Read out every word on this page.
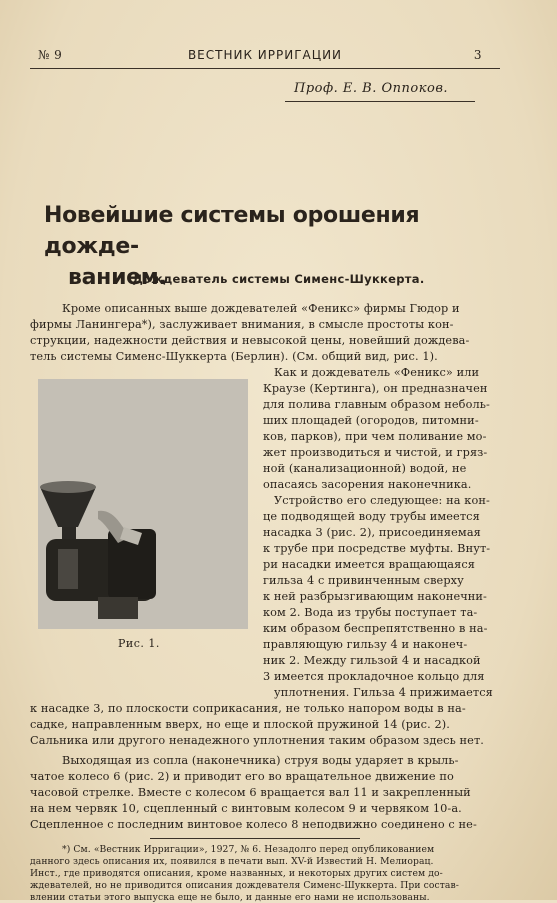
№ 9	ВЕСТНИК ИРРИГАЦИИ	3
Проф. Е. В. Оппоков.
Новейшие системы орошения дожде-
ванием.
Дождеватель системы Сименс-Шуккерта.
Рис. 1.
Кроме описанных выше дождевателей «Феникс» фирмы Гюдор и
фирмы Ланингера*), заслуживает внимания, в смысле простоты кон-
струкции, надежности действия и невысокой цены, новейший дождева-
тель системы Сименс-Шуккерта (Берлин). (См. общий вид, рис. 1).
Как и дождеватель «Феникс» или
Краузе (Кертинга), он предназначен
для полива главным образом неболь-
ших площадей (огородов, питомни-
ков, парков), при чем поливание мо-
жет производиться и чистой, и гряз-
ной (канализационной) водой, не
опасаясь засорения наконечника.
Устройство его следующее: на кон-
це подводящей воду трубы имеется
насадка 3 (рис. 2), присоединяемая
к трубе при посредстве муфты. Внут-
ри насадки имеется вращающаяся
гильза 4 с привинченным сверху
к ней разбрызгивающим наконечни-
ком 2. Вода из трубы поступает та-
ким образом беспрепятственно в на-
правляющую гильзу 4 и наконеч-
ник 2. Между гильзой 4 и насадкой
3 имеется прокладочное кольцо для
уплотнения. Гильза 4 прижимается
к насадке 3, по плоскости соприкасания, не только напором воды в на-
садке, направленным вверх, но еще и плоской пружиной 14 (рис. 2).
Сальника или другого ненадежного уплотнения таким образом здесь нет.
Выходящая из сопла (наконечника) струя воды ударяет в крыль-
чатое колесо 6 (рис. 2) и приводит его во вращательное движение по
часовой стрелке. Вместе с колесом 6 вращается вал 11 и закрепленный
на нем червяк 10, сцепленный с винтовым колесом 9 и червяком 10-а.
Сцепленное с последним винтовое колесо 8 неподвижно соединено с не-
*) См. «Вестник Ирригации», 1927, № 6. Незадолго перед опубликованием
данного здесь описания их, появился в печати вып. XV-й Известий Н. Мелиорац.
Инст., где приводятся описания, кроме названных, и некоторых других систем до-
ждевателей, но не приводится описания дождевателя Сименс-Шуккерта. При состав-
влении статьи этого выпуска еще не было, и данные его нами не использованы.
